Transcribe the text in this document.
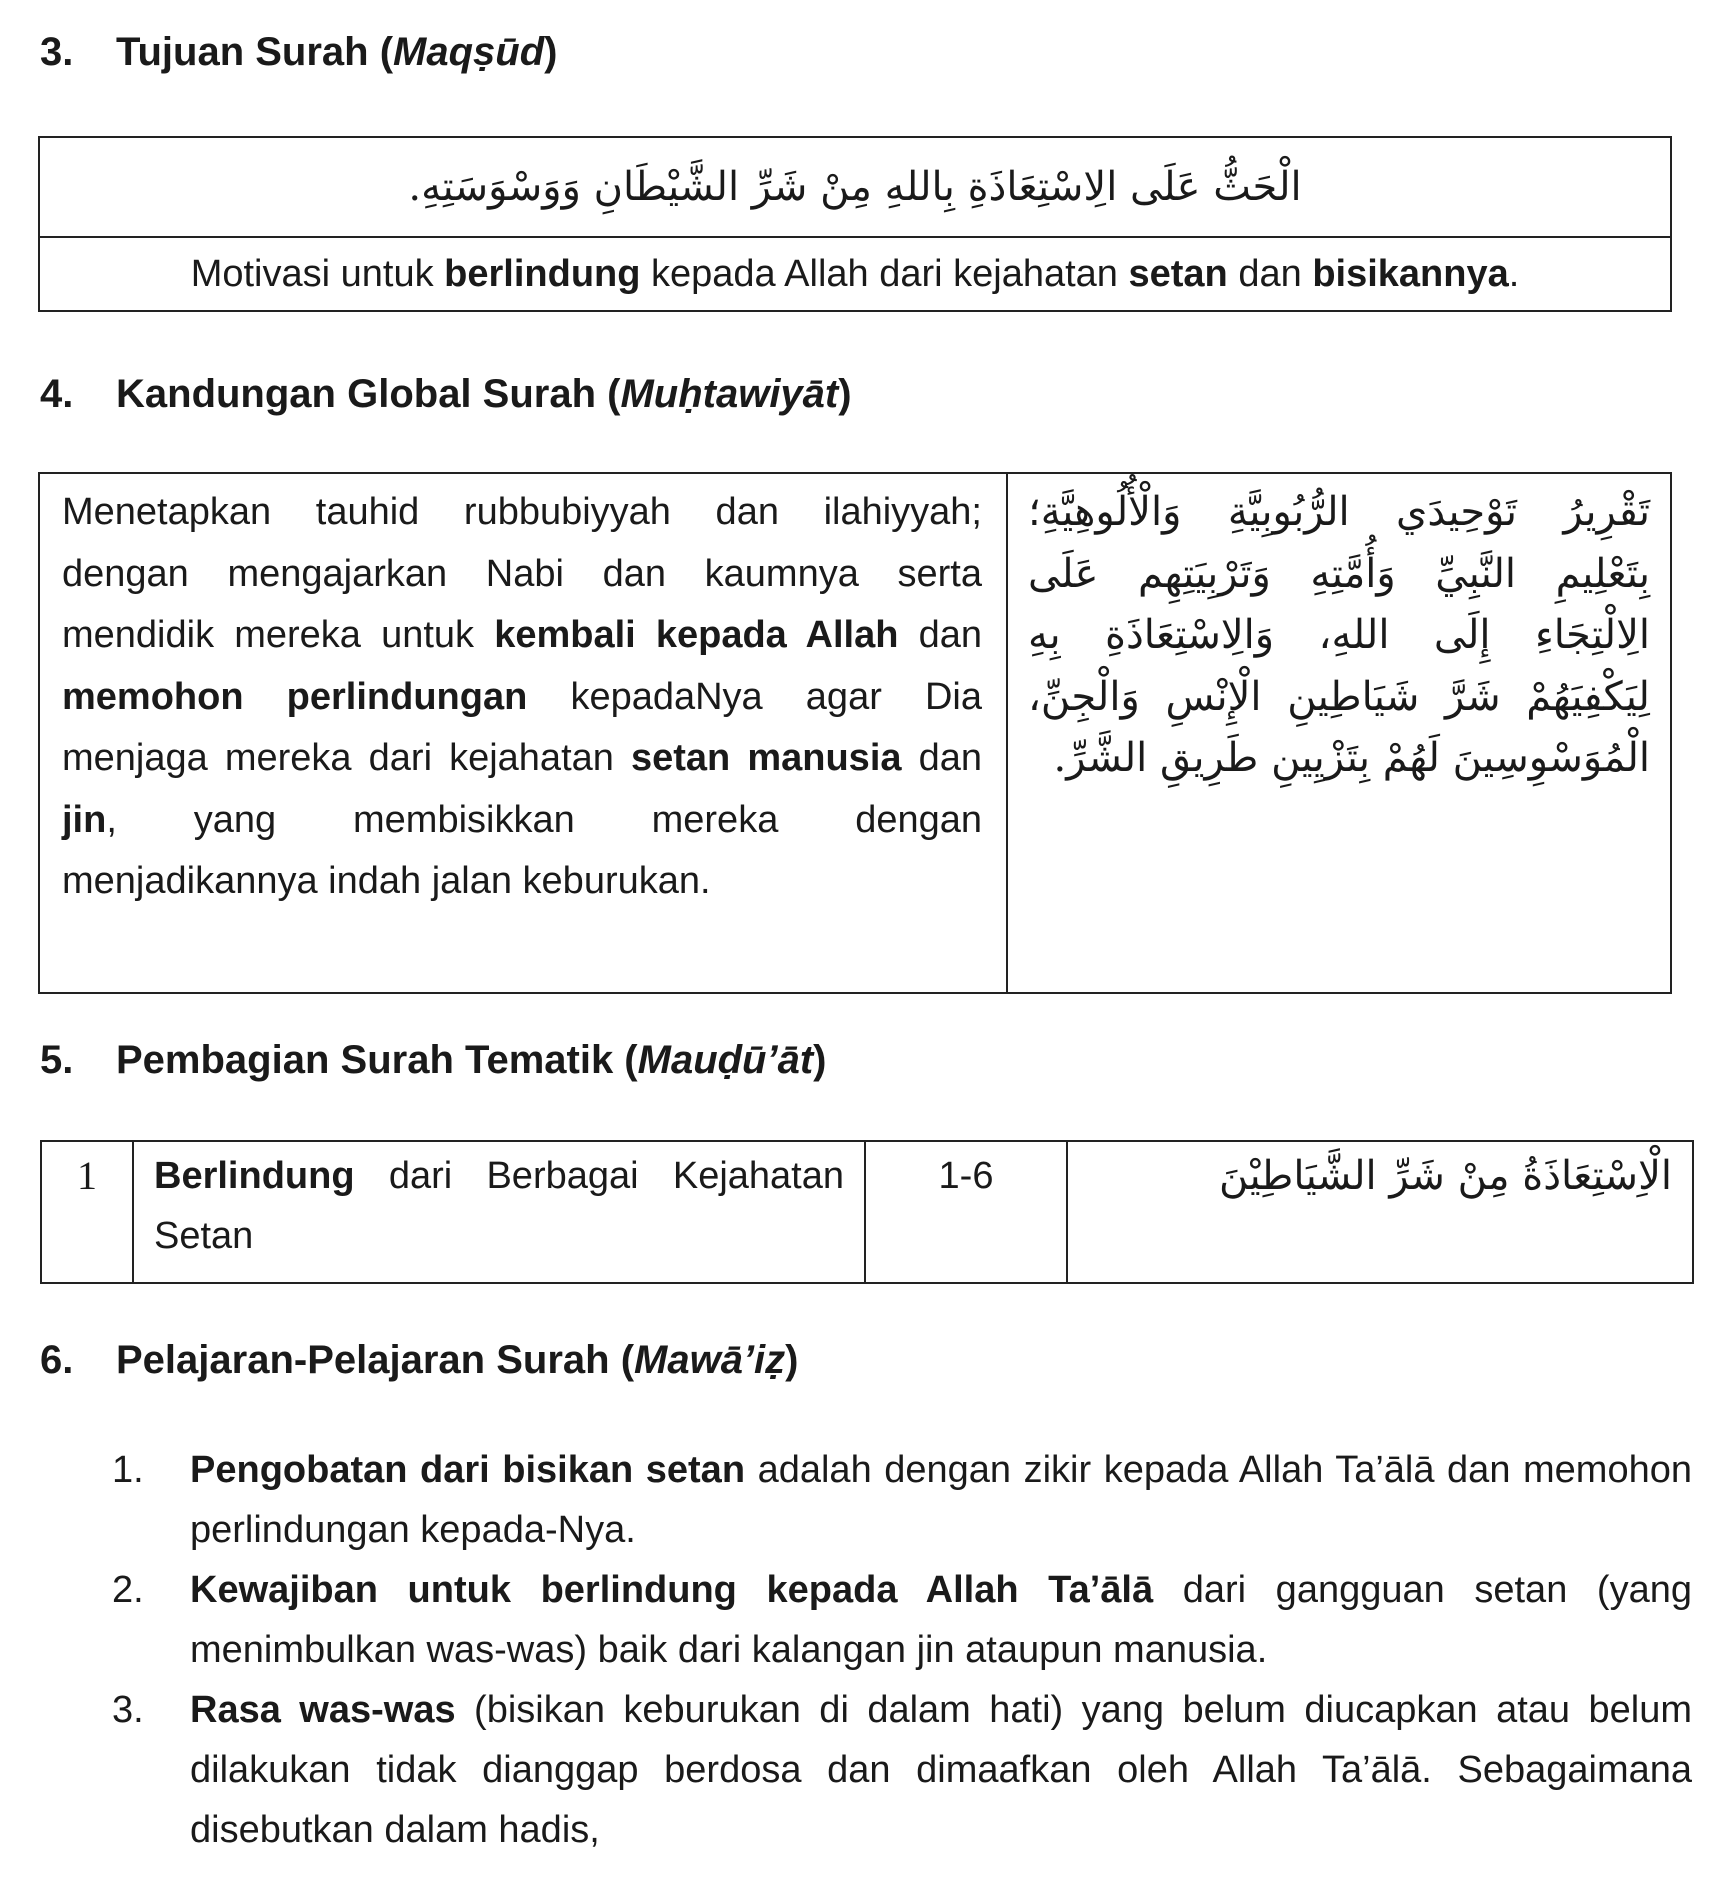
3. Tujuan Surah (Maqṣūd)
الْحَثُّ عَلَى الِاسْتِعَاذَةِ بِاللهِ مِنْ شَرِّ الشَّيْطَانِ وَوَسْوَسَتِهِ.
Motivasi untuk berlindung kepada Allah dari kejahatan setan dan bisikannya.
4. Kandungan Global Surah (Muḥtawiyāt)
Menetapkan tauhid rubbubiyyah dan ilahiyyah; dengan mengajarkan Nabi dan kaumnya serta mendidik mereka untuk kembali kepada Allah dan memohon perlindungan kepadaNya agar Dia menjaga mereka dari kejahatan setan manusia dan jin, yang membisikkan mereka dengan menjadikannya indah jalan keburukan.	تَقْرِيرُ تَوْحِيدَي الرُّبُوبِيَّةِ وَالْأُلُوهِيَّةِ؛ بِتَعْلِيمِ النَّبِيِّ وَأُمَّتِهِ وَتَرْبِيَتِهِم عَلَى الِالْتِجَاءِ إِلَى اللهِ، وَالِاسْتِعَاذَةِ بِهِ لِيَكْفِيَهُمْ شَرَّ شَيَاطِينِ الْإِنْسِ وَالْجِنِّ، الْمُوَسْوِسِينَ لَهُمْ بِتَزْيِينِ طَرِيقِ الشَّرِّ.
5. Pembagian Surah Tematik (Mauḍū’āt)
1	Berlindung dari Berbagai Kejahatan Setan	1-6	الْاِسْتِعَاذَةُ مِنْ شَرِّ الشَّيَاطِيْنَ
6. Pelajaran-Pelajaran Surah (Mawā’iẓ)
1.	Pengobatan dari bisikan setan adalah dengan zikir kepada Allah Ta’ālā dan memohon perlindungan kepada-Nya.
2.	Kewajiban untuk berlindung kepada Allah Ta’ālā dari gangguan setan (yang menimbulkan was-was) baik dari kalangan jin ataupun manusia.
3.	Rasa was-was (bisikan keburukan di dalam hati) yang belum diucapkan atau belum dilakukan tidak dianggap berdosa dan dimaafkan oleh Allah Ta’ālā. Sebagaimana disebutkan dalam hadis,
